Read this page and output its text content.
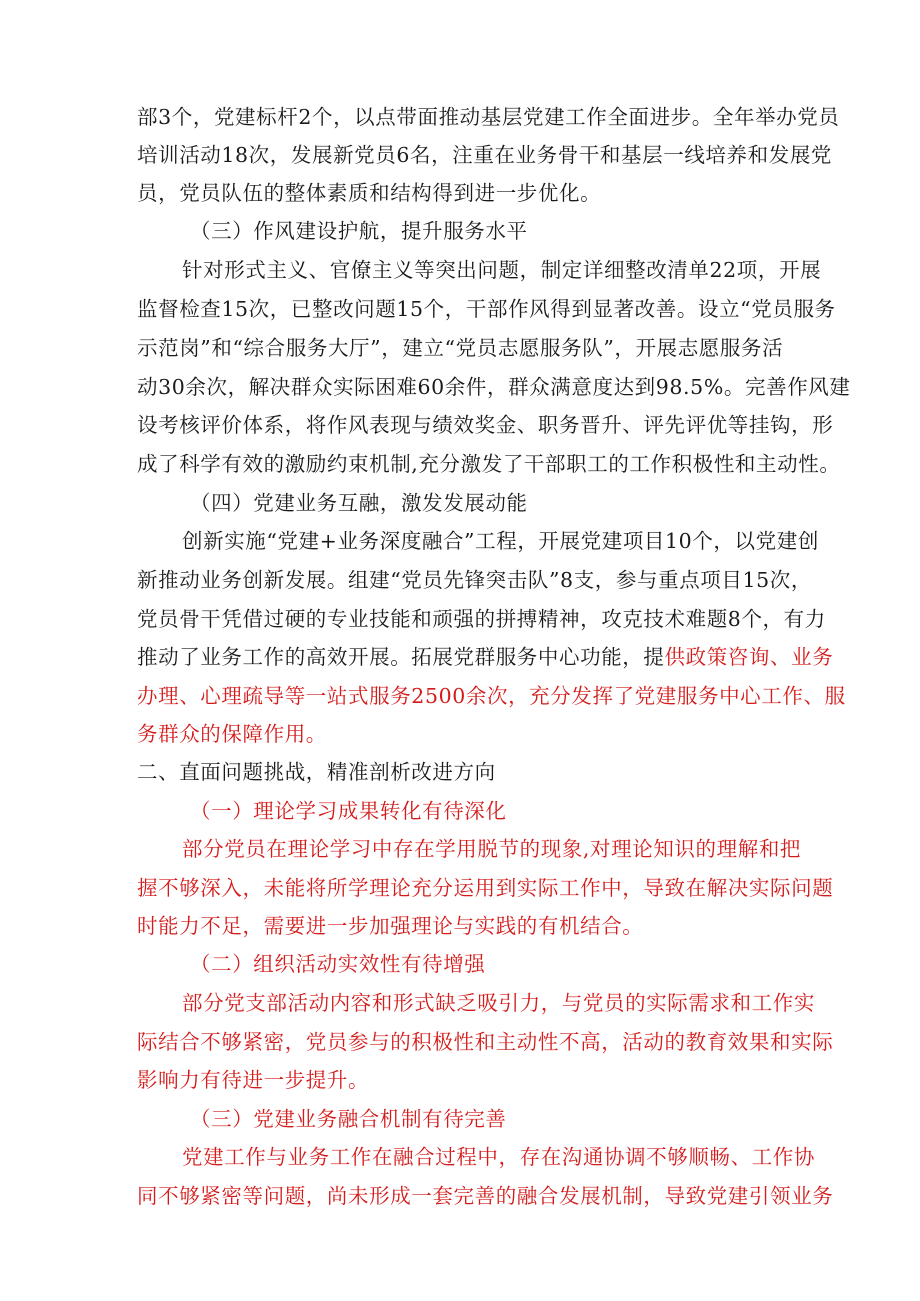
部3个，党建标杆2个，以点带面推动基层党建工作全面进步。全年举办党员
培训活动18次，发展新党员6名，注重在业务骨干和基层一线培养和发展党
员，党员队伍的整体素质和结构得到进一步优化。
（三）作风建设护航，提升服务水平
针对形式主义、官僚主义等突出问题，制定详细整改清单22项，开展
监督检查15次，已整改问题15个，干部作风得到显著改善。设立“党员服务
示范岗”和“综合服务大厅”，建立“党员志愿服务队”，开展志愿服务活
动30余次，解决群众实际困难60余件，群众满意度达到98.5%。完善作风建
设考核评价体系，将作风表现与绩效奖金、职务晋升、评先评优等挂钩，形
成了科学有效的激励约束机制,充分激发了干部职工的工作积极性和主动性。
（四）党建业务互融，激发发展动能
创新实施“党建+业务深度融合”工程，开展党建项目10个，以党建创
新推动业务创新发展。组建“党员先锋突击队”8支，参与重点项目15次，
党员骨干凭借过硬的专业技能和顽强的拼搏精神，攻克技术难题8个，有力
推动了业务工作的高效开展。拓展党群服务中心功能，提供政策咨询、业务
办理、心理疏导等一站式服务2500余次，充分发挥了党建服务中心工作、服
务群众的保障作用。
二、直面问题挑战，精准剖析改进方向
（一）理论学习成果转化有待深化
部分党员在理论学习中存在学用脱节的现象,对理论知识的理解和把
握不够深入，未能将所学理论充分运用到实际工作中，导致在解决实际问题
时能力不足，需要进一步加强理论与实践的有机结合。
（二）组织活动实效性有待增强
部分党支部活动内容和形式缺乏吸引力，与党员的实际需求和工作实
际结合不够紧密，党员参与的积极性和主动性不高，活动的教育效果和实际
影响力有待进一步提升。
（三）党建业务融合机制有待完善
党建工作与业务工作在融合过程中，存在沟通协调不够顺畅、工作协
同不够紧密等问题，尚未形成一套完善的融合发展机制，导致党建引领业务
